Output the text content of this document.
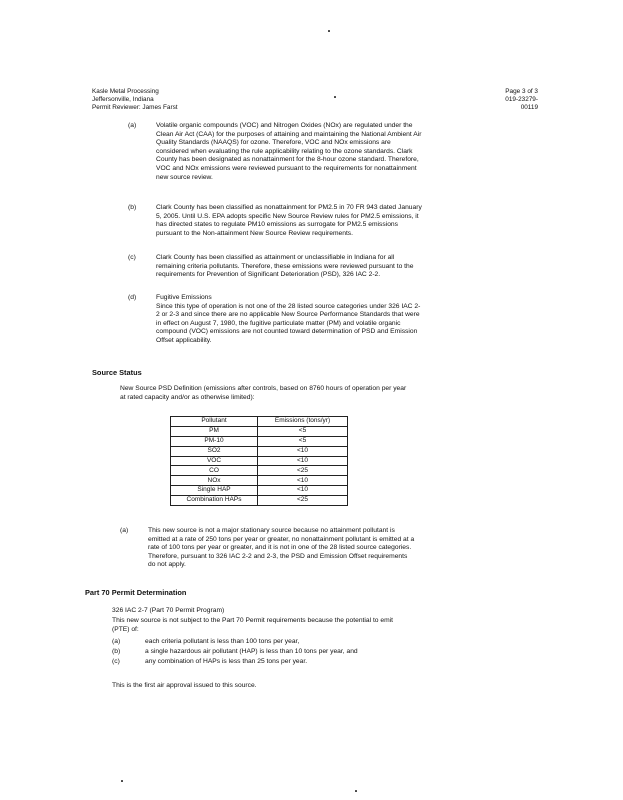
Kasle Metal Processing
Jeffersonville, Indiana
Permit Reviewer: James Farst
Page 3 of 3
019-23279-00119
(a)	Volatile organic compounds (VOC) and Nitrogen Oxides (NOx) are regulated under the
Clean Air Act (CAA) for the purposes of attaining and maintaining the National Ambient Air
Quality Standards (NAAQS) for ozone. Therefore, VOC and NOx emissions are
considered when evaluating the rule applicability relating to the ozone standards. Clark
County has been designated as nonattainment for the 8-hour ozone standard. Therefore,
VOC and NOx emissions were reviewed pursuant to the requirements for nonattainment
new source review.
(b)	Clark County has been classified as nonattainment for PM2.5 in 70 FR 943 dated January
5, 2005. Until U.S. EPA adopts specific New Source Review rules for PM2.5 emissions, it
has directed states to regulate PM10 emissions as surrogate for PM2.5 emissions
pursuant to the Non-attainment New Source Review requirements.
(c)	Clark County has been classified as attainment or unclassifiable in Indiana for all
remaining criteria pollutants. Therefore, these emissions were reviewed pursuant to the
requirements for Prevention of Significant Deterioration (PSD), 326 IAC 2-2.
(d)	Fugitive Emissions
Since this type of operation is not one of the 28 listed source categories under 326 IAC 2-
2 or 2-3 and since there are no applicable New Source Performance Standards that were
in effect on August 7, 1980, the fugitive particulate matter (PM) and volatile organic
compound (VOC) emissions are not counted toward determination of PSD and Emission
Offset applicability.
Source Status
New Source PSD Definition (emissions after controls, based on 8760 hours of operation per year
at rated capacity and/or as otherwise limited):
Pollutant	Emissions (tons/yr)
PM	<5
PM-10	<5
SO2	<10
VOC	<10
CO	<25
NOx	<10
Single HAP	<10
Combination HAPs	<25
(a)	This new source is not a major stationary source because no attainment pollutant is
emitted at a rate of 250 tons per year or greater, no nonattainment pollutant is emitted at a
rate of 100 tons per year or greater, and it is not in one of the 28 listed source categories.
Therefore, pursuant to 326 IAC 2-2 and 2-3, the PSD and Emission Offset requirements
do not apply.
Part 70 Permit Determination
326 IAC 2-7 (Part 70 Permit Program)
This new source is not subject to the Part 70 Permit requirements because the potential to emit
(PTE) of:
(a)	each criteria pollutant is less than 100 tons per year,
(b)	a single hazardous air pollutant (HAP) is less than 10 tons per year, and
(c)	any combination of HAPs is less than 25 tons per year.
This is the first air approval issued to this source.
